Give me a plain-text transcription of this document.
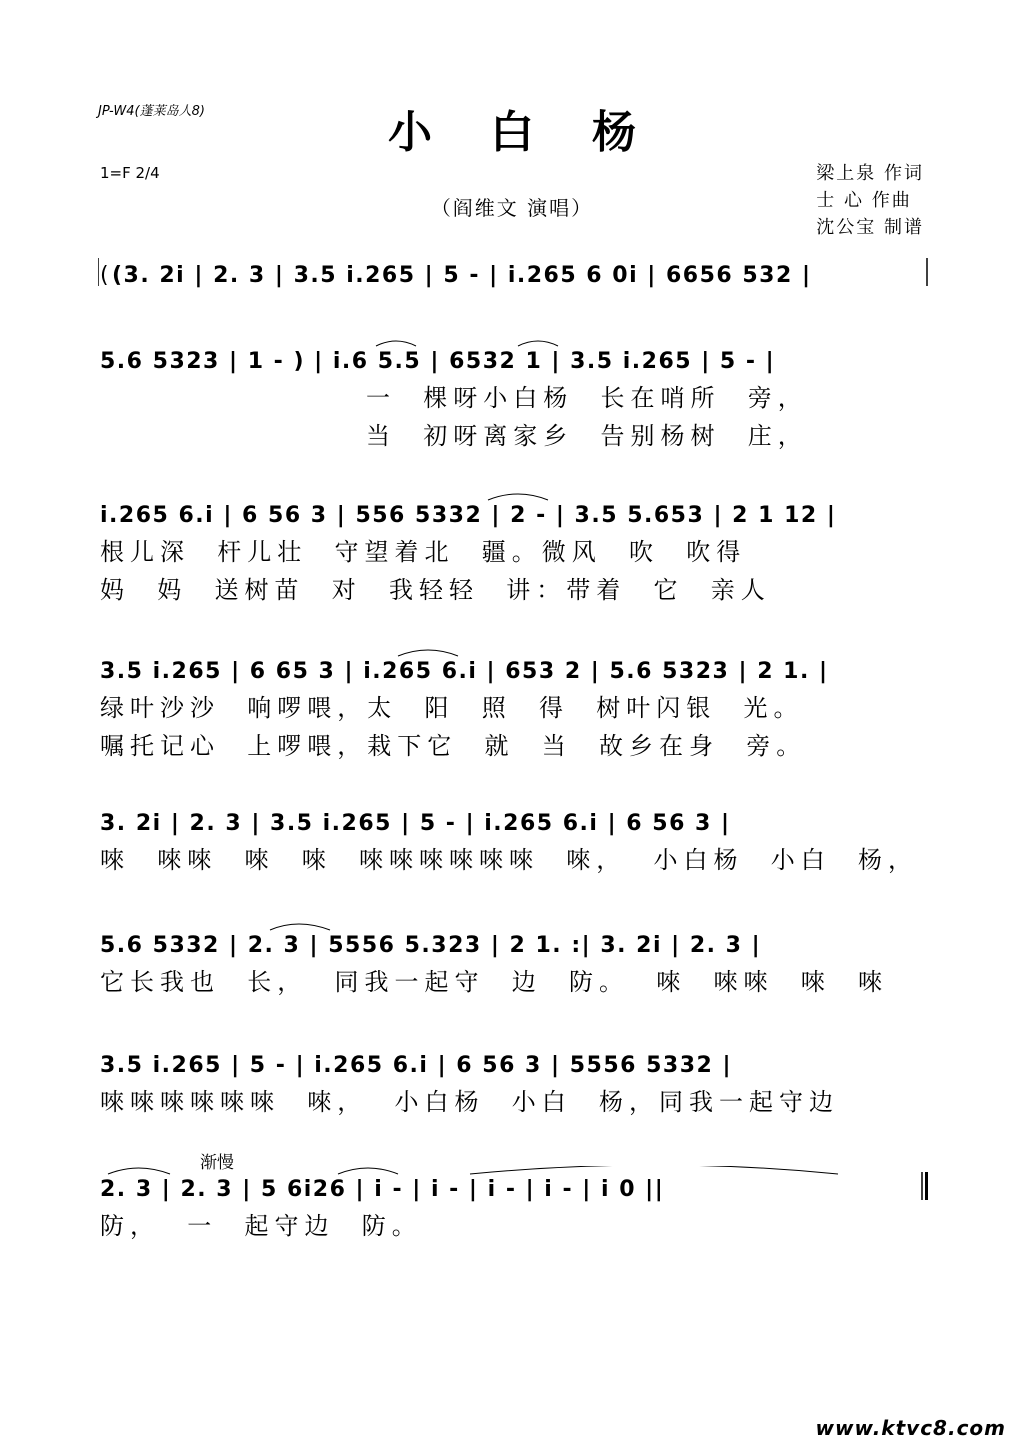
JP-W4(蓬莱岛人8)	小白杨
1=F 2/4
（阎维文 演唱）
梁上泉 作词
士 心 作曲
沈公宝 制谱
( (3. 2i | 2. 3 | 3.5 i.265 | 5 - | i.265 6 0i | 6656 532 |
5.6 5323 | 1 - ) | i.6 5.5 | 6532 1 | 3.5 i.265 | 5 - |
一  棵呀小白杨  长在哨所  旁，
当  初呀离家乡  告别杨树  庄，
i.265 6.i | 6 56 3 | 556 5332 | 2 - | 3.5 5.653 | 2 1 12 |
根儿深  杆儿壮  守望着北  疆。微风  吹  吹得
妈  妈  送树苗  对  我轻轻  讲：带着  它  亲人
3.5 i.265 | 6 65 3 | i.265 6.i | 653 2 | 5.6 5323 | 2 1. |
绿叶沙沙  响啰喂，太  阳  照  得  树叶闪银  光。
嘱托记心  上啰喂，栽下它  就  当  故乡在身  旁。
3. 2i | 2. 3 | 3.5 i.265 | 5 - | i.265 6.i | 6 56 3 |
唻  唻唻  唻  唻  唻唻唻唻唻唻  唻，  小白杨  小白  杨，
5.6 5332 | 2. 3 | 5556 5.323 | 2 1. :| 3. 2i | 2. 3 |
它长我也  长，  同我一起守  边  防。  唻  唻唻  唻  唻
3.5 i.265 | 5 - | i.265 6.i | 6 56 3 | 5556 5332 |
唻唻唻唻唻唻  唻，  小白杨  小白  杨，同我一起守边
渐慢
2. 3 | 2. 3 | 5 6i26 | i - | i - | i - | i - | i 0 ||
防，  一  起守边  防。
www.ktvc8.com
